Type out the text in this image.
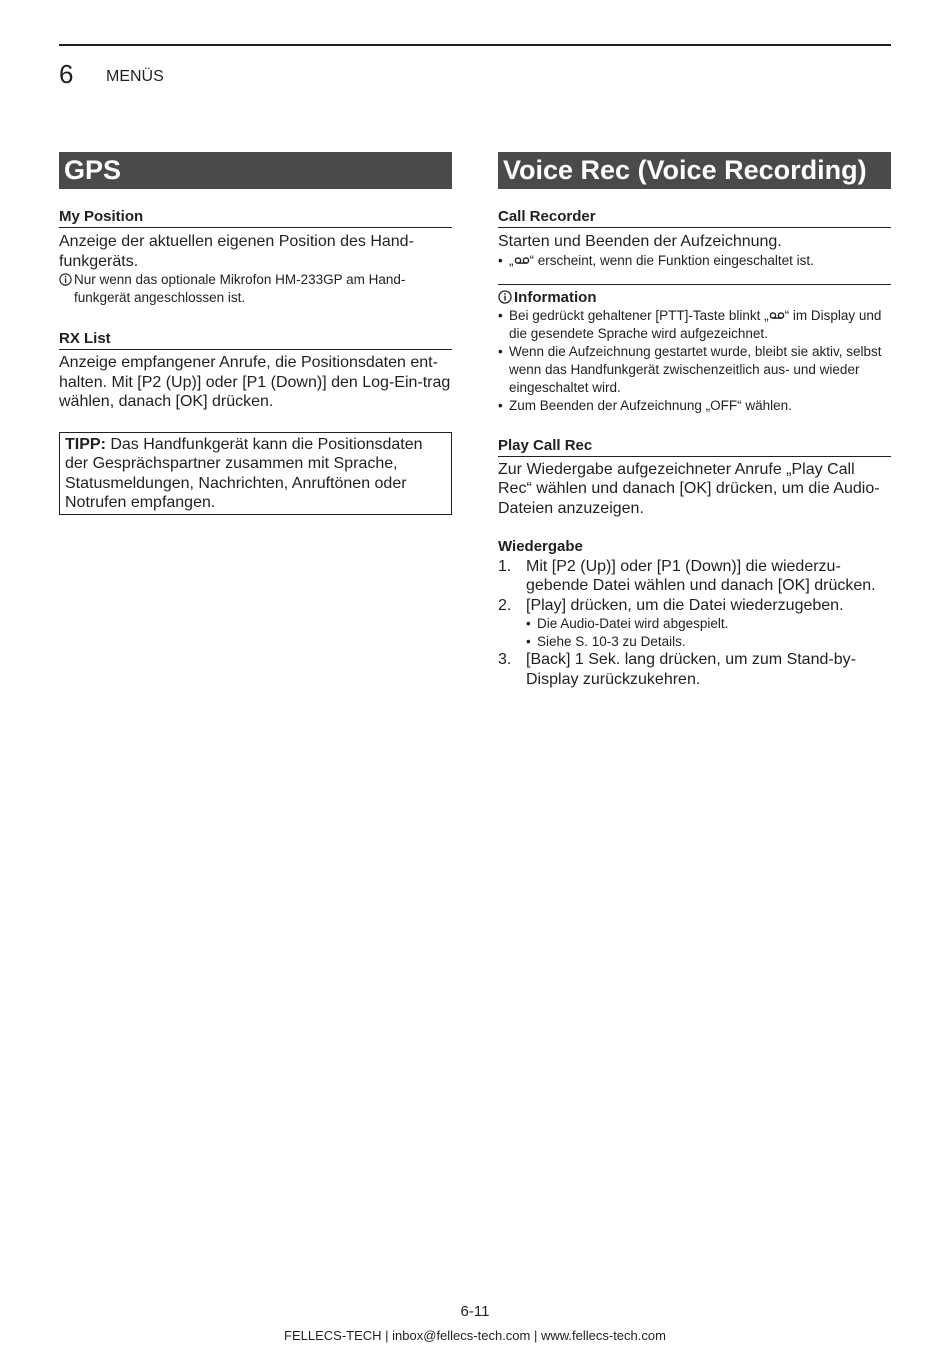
6 MENÜS
GPS
My Position
Anzeige der aktuellen eigenen Position des Hand-funkgeräts.
Nur wenn das optionale Mikrofon HM-233GP am Hand-funkgerät angeschlossen ist.
RX List
Anzeige empfangener Anrufe, die Positionsdaten ent-halten. Mit [P2 (Up)] oder [P1 (Down)] den Log-Ein-trag wählen, danach [OK] drücken.
TIPP: Das Handfunkgerät kann die Positionsdaten der Gesprächspartner zusammen mit Sprache, Statusmeldungen, Nachrichten, Anruftönen oder Notrufen empfangen.
Voice Rec (Voice Recording)
Call Recorder
Starten und Beenden der Aufzeichnung.
• „ “ erscheint, wenn die Funktion eingeschaltet ist.
Information
• Bei gedrückt gehaltener [PTT]-Taste blinkt „ “ im Display und die gesendete Sprache wird aufgezeichnet.
• Wenn die Aufzeichnung gestartet wurde, bleibt sie aktiv, selbst wenn das Handfunkgerät zwischenzeitlich aus- und wieder eingeschaltet wird.
• Zum Beenden der Aufzeichnung „OFF“ wählen.
Play Call Rec
Zur Wiedergabe aufgezeichneter Anrufe „Play Call Rec“ wählen und danach [OK] drücken, um die Audio-Dateien anzuzeigen.
Wiedergabe
1. Mit [P2 (Up)] oder [P1 (Down)] die wiederzu-gebende Datei wählen und danach [OK] drücken.
2. [Play] drücken, um die Datei wiederzugeben.
• Die Audio-Datei wird abgespielt.
• Siehe S. 10-3 zu Details.
3. [Back] 1 Sek. lang drücken, um zum Stand-by-Display zurückzukehren.
6-11
FELLECS-TECH | inbox@fellecs-tech.com | www.fellecs-tech.com
